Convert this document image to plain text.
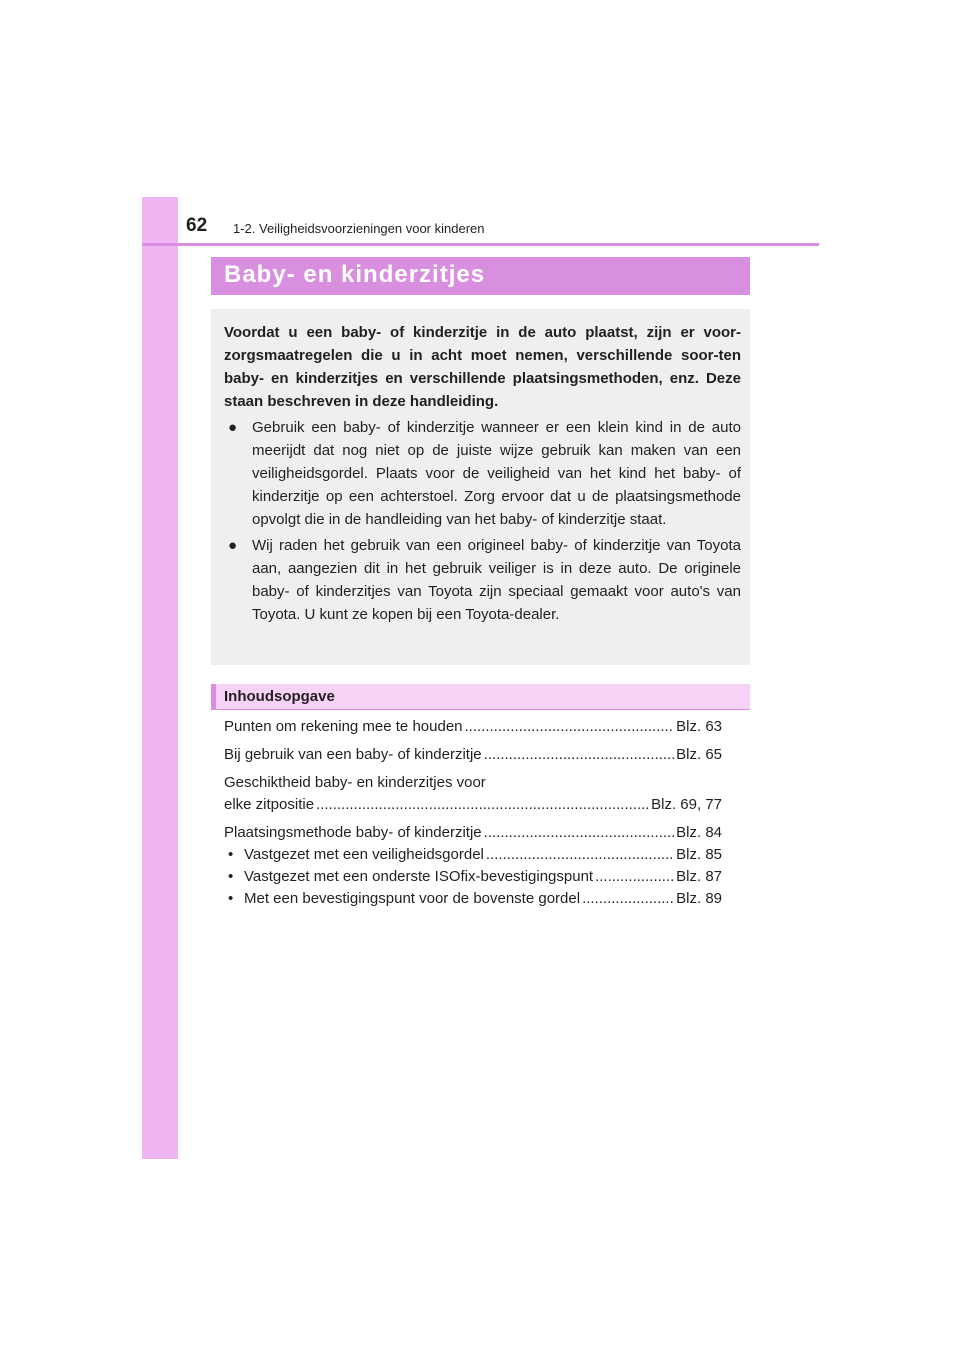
62 1-2. Veiligheidsvoorzieningen voor kinderen
Baby- en kinderzitjes

Voordat u een baby- of kinderzitje in de auto plaatst, zijn er voor-zorgsmaatregelen die u in acht moet nemen, verschillende soor-ten baby- en kinderzitjes en verschillende plaatsingsmethoden, enz. Deze staan beschreven in deze handleiding.

● Gebruik een baby- of kinderzitje wanneer er een klein kind in de auto meerijdt dat nog niet op de juiste wijze gebruik kan maken van een veiligheidsgordel. Plaats voor de veiligheid van het kind het baby- of kinderzitje op een achterstoel. Zorg ervoor dat u de plaatsingsmethode opvolgt die in de handleiding van het baby- of kinderzitje staat.

● Wij raden het gebruik van een origineel baby- of kinderzitje van Toyota aan, aangezien dit in het gebruik veiliger is in deze auto. De originele baby- of kinderzitjes van Toyota zijn speciaal gemaakt voor auto's van Toyota. U kunt ze kopen bij een Toyota-dealer.

Inhoudsopgave
Punten om rekening mee te houden .....	Blz. 63
Bij gebruik van een baby- of kinderzitje .....	Blz. 65
Geschiktheid baby- en kinderzitjes voor
elke zitpositie .....	Blz. 69, 77
Plaatsingsmethode baby- of kinderzitje .....	Blz. 84
• Vastgezet met een veiligheidsgordel .....	Blz. 85
• Vastgezet met een onderste ISOfix-bevestigingspunt .....	Blz. 87
• Met een bevestigingspunt voor de bovenste gordel .....	Blz. 89
